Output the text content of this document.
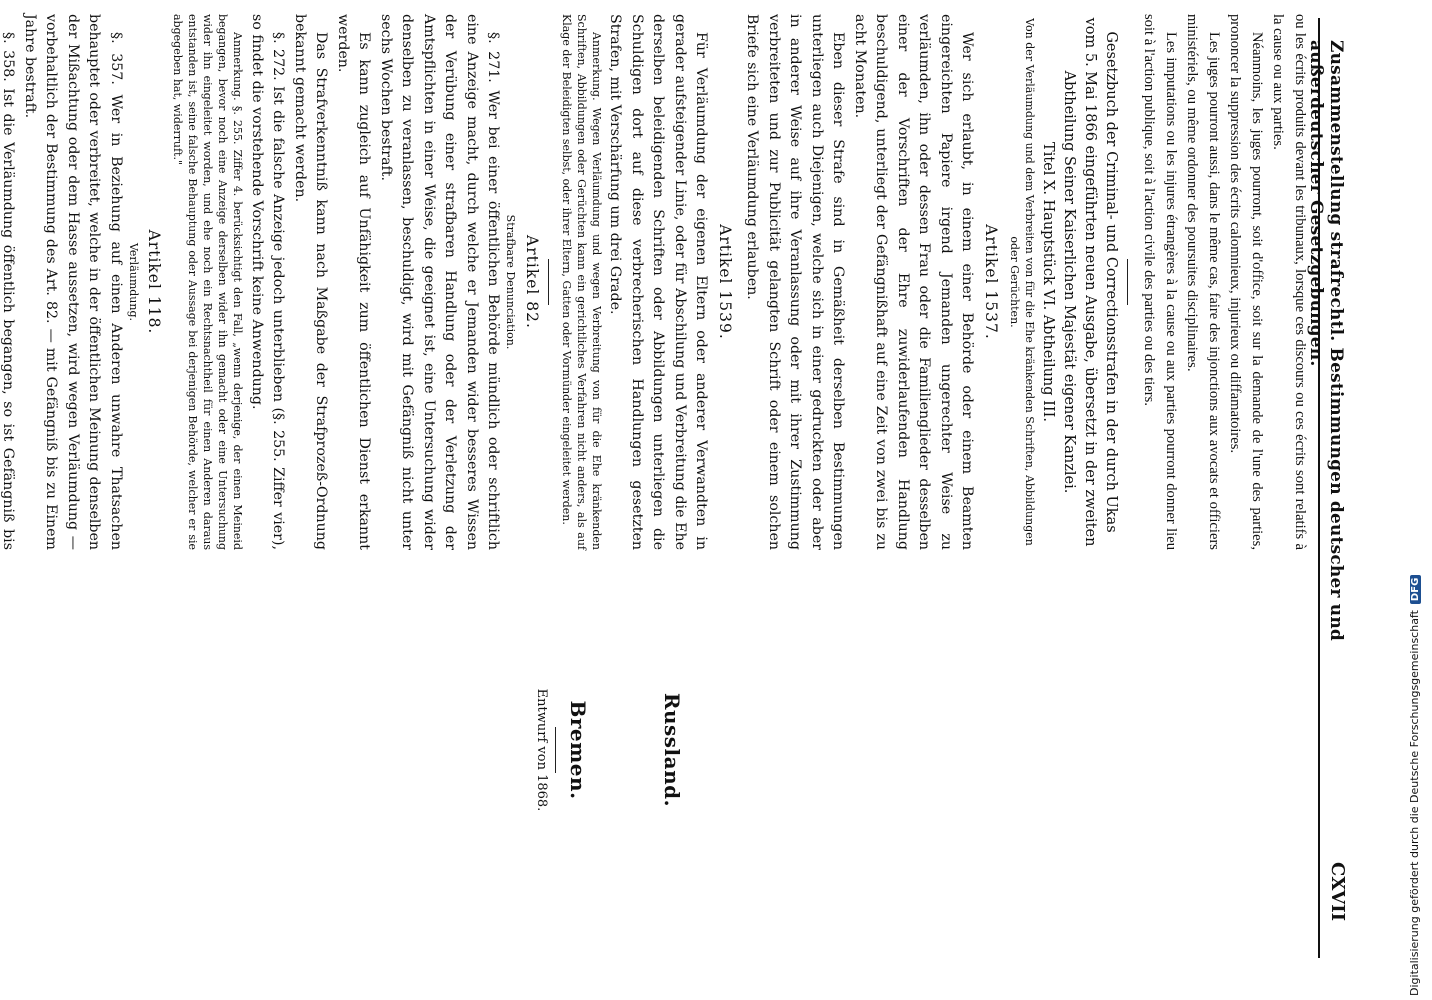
Zusammenstellung strafrechtl. Bestimmungen deutscher und außerdeutscher Gesetzgebungen.
CXVII

ou les écrits produits devant les tribunaux, lorsque ces discours ou ces écrits sont relatifs à la cause ou aux parties.

Néanmoins, les juges pourront, soit d'office, soit sur la demande de l'une des parties, prononcer la suppression des écrits calomnieux, injurieux ou diffamatoires.

Les juges pourront aussi, dans le même cas, faire des injonctions aux avocats et officiers ministériels, ou même ordonner des poursuites disciplinaires.

Les imputations ou les injures étrangères à la cause ou aux parties pourront donner lieu soit à l'action publique, soit à l'action civile des parties ou des tiers.

Gesetzbuch der Criminal- und Correctionsstrafen in der durch Ukas vom 5. Mai 1866 eingeführten neuen Ausgabe, übersetzt in der zweiten Abtheilung Seiner Kaiserlichen Majestät eigener Kanzlei.

Titel X. Hauptstück VI. Abtheilung III.

Von der Verläumdung und dem Verbreiten von für die Ehe kränkenden Schriften, Abbildungen oder Gerüchten.

Artikel 1537.

Wer sich erlaubt, in einem einer Behörde oder einem Beamten eingereichten Papiere irgend Jemanden ungerechter Weise zu verläumden, ihn oder dessen Frau oder die Familienglieder desselben einer der Vorschriften der Ehre zuwiderlaufenden Handlung beschuldigend, unterliegt der Gefängnißhaft auf eine Zeit von zwei bis zu acht Monaten.

Eben dieser Strafe sind in Gemäßheit derselben Bestimmungen unterliegen auch Diejenigen, welche sich in einer gedruckten oder aber in anderer Weise auf ihre Veranlassung oder mit ihrer Zustimmung verbreiteten und zur Publicität gelangten Schrift oder einem solchen Briefe sich eine Verläumdung erlauben.

Artikel 1539.

Für Verläumdung der eigenen Eltern oder anderer Verwandten in gerader aufsteigender Linie, oder für Abschilung und Verbreitung die Ehe derselben beleidigenden Schriften oder Abbildungen unterliegen die Schuldigen dort auf diese verbrecherischen Handlungen gesetzten Strafen, mit Verschärfung um drei Grade.

Anmerkung. Wegen Verläumdung und wegen Verbreitung von für die Ehe kränkenden Schriften, Abbildungen oder Gerüchten kann ein gerichtliches Verfahren nicht anders, als auf Klage der Beleidigten selbst, oder ihrer Eltern, Gatten oder Vormünder eingeleitet werden.

Artikel 82.

Strafbare Denunciation.

§. 271. Wer bei einer öffentlichen Behörde mündlich oder schriftlich eine Anzeige macht, durch welche er Jemanden wider besseres Wissen der Verübung einer strafbaren Handlung oder der Verletzung der Amtspflichten in einer Weise, die geeignet ist, eine Untersuchung wider denselben zu veranlassen, beschuldigt, wird mit Gefängniß nicht unter sechs Wochen bestraft.

Es kann zugleich auf Unfähigkeit zum öffentlichen Dienst erkannt werden.

Das Strafverkenntniß kann nach Maßgabe der Strafprozeß-Ordnung bekannt gemacht werden.

§. 272. Ist die falsche Anzeige jedoch unterblieben (§. 255. Ziffer vier), so findet die vorstehende Vorschrift keine Anwendung.

Anmerkung. §. 255. Ziffer 4. berücksichtigt den Fall, „wenn derjenige, der einen Meineid begangen, bevor noch eine Anzeige derselben wider ihn gemacht oder eine Untersuchung wider ihn eingeleitet worden, und ehe noch ein Rechtsnachtheil für einen Anderen daraus entstanden ist, seine falsche Behauptung oder Aussage bei derjenigen Behörde, welcher er sie abgegeben hat, widerruft."

Artikel 118.

Verläumdung.

§. 357. Wer in Beziehung auf einen Anderen unwahre Thatsachen behauptet oder verbreitet, welche in der öffentlichen Meinung denselben der Mißachtung oder dem Hasse aussetzen, wird wegen Verläumdung — vorbehaltlich der Bestimmung des Art. 82. — mit Gefängniß bis zu Einem Jahre bestraft.

§. 358. Ist die Verläumdung öffentlich begangen, so ist Gefängniß bis

Russland.

Bremen.

Entwurf von 1868.	Digitalisierung gefördert durch die Deutsche ForschungsgemeinschaftDFG
